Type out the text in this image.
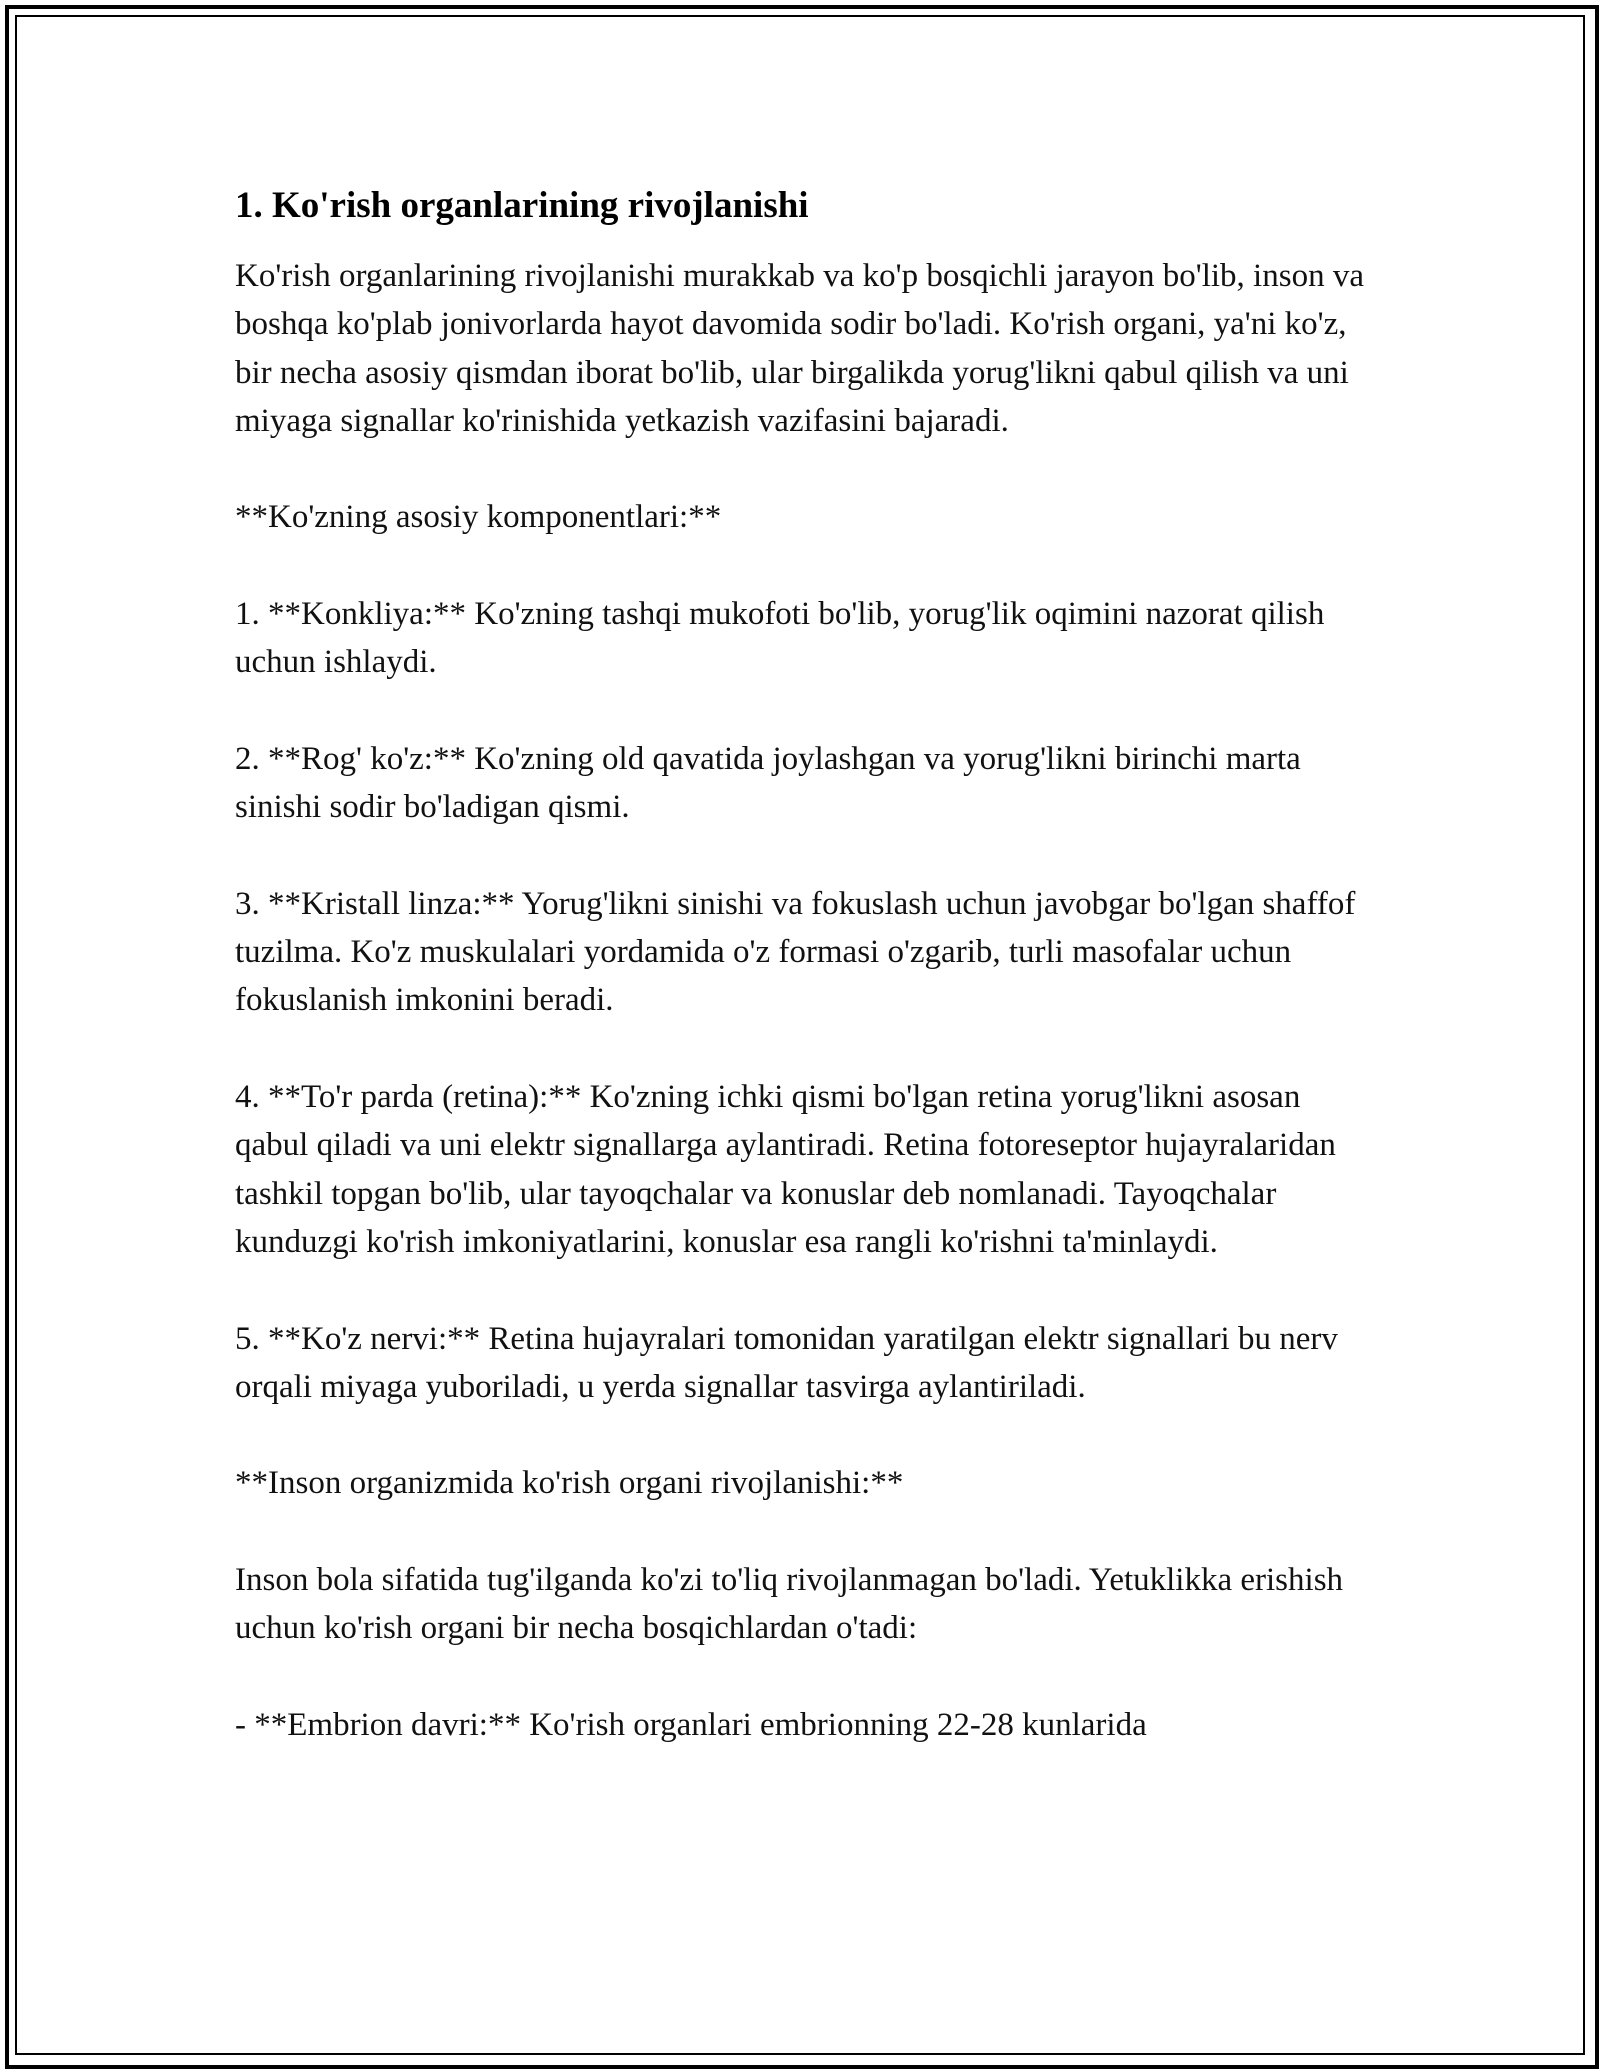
1. Ko'rish organlarining rivojlanishi

Ko'rish organlarining rivojlanishi murakkab va ko'p bosqichli jarayon bo'lib, inson va boshqa ko'plab jonivorlarda hayot davomida sodir bo'ladi. Ko'rish organi, ya'ni ko'z, bir necha asosiy qismdan iborat bo'lib, ular birgalikda yorug'likni qabul qilish va uni miyaga signallar ko'rinishida yetkazish vazifasini bajaradi.

**Ko'zning asosiy komponentlari:**

1. **Konkliya:** Ko'zning tashqi mukofoti bo'lib, yorug'lik oqimini nazorat qilish uchun ishlaydi.

2. **Rog' ko'z:** Ko'zning old qavatida joylashgan va yorug'likni birinchi marta sinishi sodir bo'ladigan qismi.

3. **Kristall linza:** Yorug'likni sinishi va fokuslash uchun javobgar bo'lgan shaffof tuzilma. Ko'z muskulalari yordamida o'z formasi o'zgarib, turli masofalar uchun fokuslanish imkonini beradi.

4. **To'r parda (retina):** Ko'zning ichki qismi bo'lgan retina yorug'likni asosan qabul qiladi va uni elektr signallarga aylantiradi. Retina fotoreseptor hujayralaridan tashkil topgan bo'lib, ular tayoqchalar va konuslar deb nomlanadi. Tayoqchalar kunduzgi ko'rish imkoniyatlarini, konuslar esa rangli ko'rishni ta'minlaydi.

5. **Ko'z nervi:** Retina hujayralari tomonidan yaratilgan elektr signallari bu nerv orqali miyaga yuboriladi, u yerda signallar tasvirga aylantiriladi.

**Inson organizmida ko'rish organi rivojlanishi:**

Inson bola sifatida tug'ilganda ko'zi to'liq rivojlanmagan bo'ladi. Yetuklikka erishish uchun ko'rish organi bir necha bosqichlardan o'tadi:

- **Embrion davri:** Ko'rish organlari embrionning 22-28 kunlarida
